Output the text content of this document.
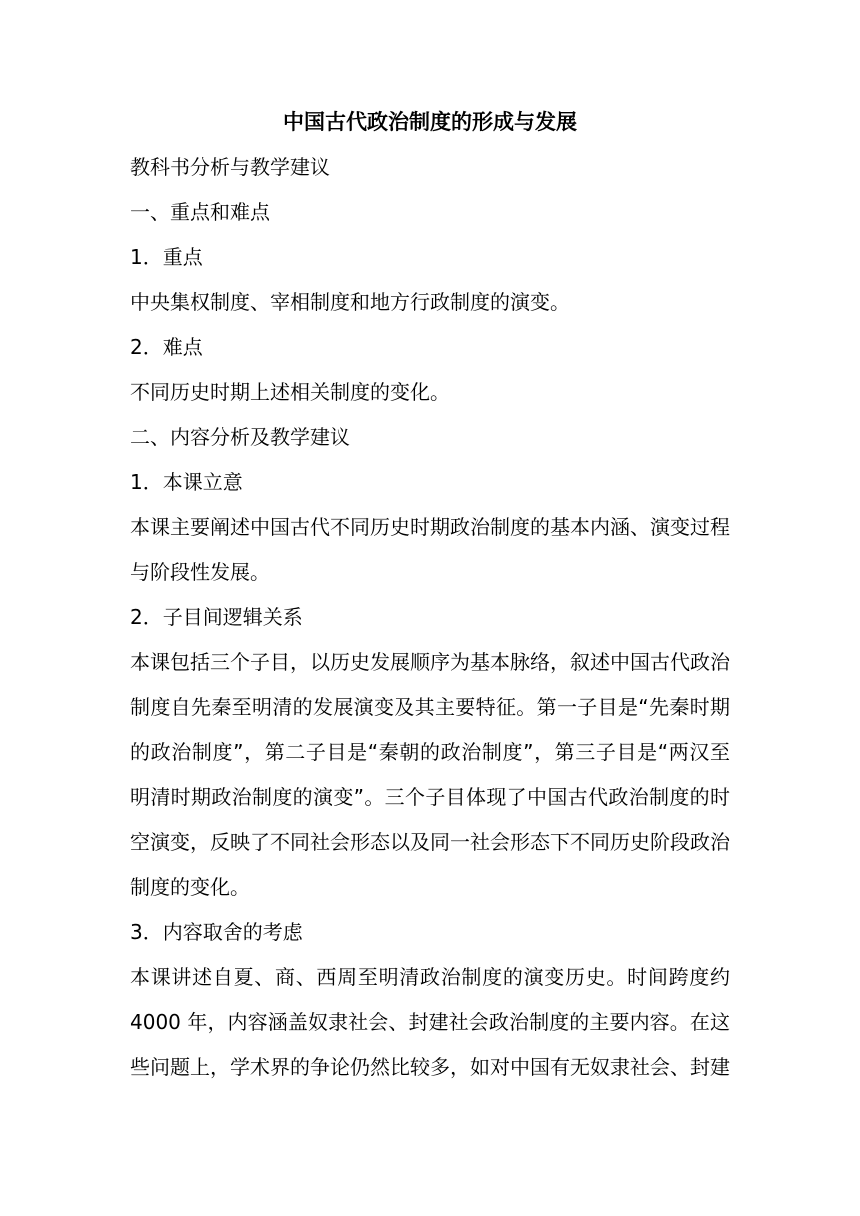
中国古代政治制度的形成与发展

教科书分析与教学建议

一、重点和难点

1．重点

中央集权制度、宰相制度和地方行政制度的演变。

2．难点

不同历史时期上述相关制度的变化。

二、内容分析及教学建议

1．本课立意

本课主要阐述中国古代不同历史时期政治制度的基本内涵、演变过程与阶段性发展。

2．子目间逻辑关系

本课包括三个子目，以历史发展顺序为基本脉络，叙述中国古代政治制度自先秦至明清的发展演变及其主要特征。第一子目是“先秦时期的政治制度”，第二子目是“秦朝的政治制度”，第三子目是“两汉至明清时期政治制度的演变”。三个子目体现了中国古代政治制度的时空演变，反映了不同社会形态以及同一社会形态下不同历史阶段政治制度的变化。

3．内容取舍的考虑

本课讲述自夏、商、西周至明清政治制度的演变历史。时间跨度约4000 年，内容涵盖奴隶社会、封建社会政治制度的主要内容。在这些问题上，学术界的争论仍然比较多，如对中国有无奴隶社会、封建
